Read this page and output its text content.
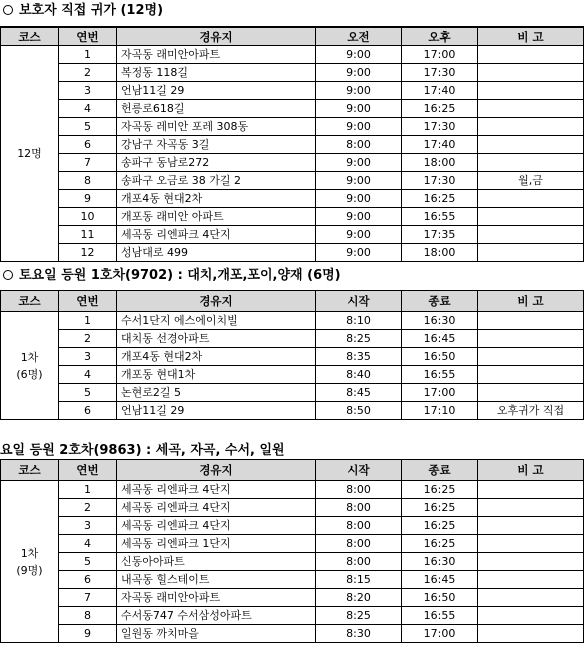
보호자 직접 귀가 (12명)
코스	연번	경유지	오전	오후	비 고
12명	1	자곡동 래미안아파트	9:00	17:00	
	2	복정동 118길	9:00	17:30	
	3	언남11길 29	9:00	17:40	
	4	헌릉로618길	9:00	16:25	
	5	자곡동 레미안 포레 308동	9:00	17:30	
	6	강남구 자곡동 3길	8:00	17:40	
	7	송파구 동남로272	9:00	18:00	
	8	송파구 오금로 38 가길 2	9:00	17:30	월,금
	9	개포4동 현대2차	9:00	16:25	
	10	개포동 래미안 아파트	9:00	16:55	
	11	세곡동 리엔파크 4단지	9:00	17:35	
	12	성남대로 499	9:00	18:00	
토요일 등원 1호차(9702) : 대치,개포,포이,양재 (6명)
코스	연번	경유지	시작	종료	비 고
1차
(6명)	1	수서1단지 에스에이치빌	8:10	16:30	
	2	대치동 선경아파트	8:25	16:45	
	3	개포4동 현대2차	8:35	16:50	
	4	개포동 현대1차	8:40	16:55	
	5	논현로2길 5	8:45	17:00	
	6	언남11길 29	8:50	17:10	오후귀가 직접
요일 등원 2호차(9863) : 세곡, 자곡, 수서, 일원
코스	연번	경유지	시작	종료	비 고
1차
(9명)	1	세곡동 리엔파크 4단지	8:00	16:25	
	2	세곡동 리엔파크 4단지	8:00	16:25	
	3	세곡동 리엔파크 4단지	8:00	16:25	
	4	세곡동 리엔파크 1단지	8:00	16:25	
	5	신동아아파트	8:00	16:30	
	6	내곡동 힐스테이트	8:15	16:45	
	7	자곡동 래미안아파트	8:20	16:50	
	8	수서동747 수서삼성아파트	8:25	16:55	
	9	일원동 까치마을	8:30	17:00	
